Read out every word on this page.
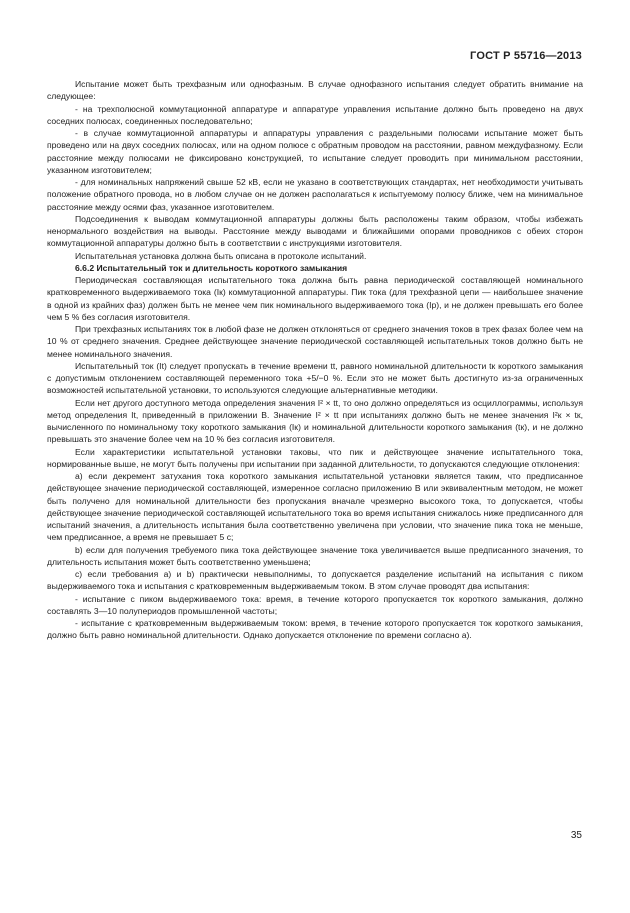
ГОСТ Р 55716—2013

Испытание может быть трехфазным или однофазным. В случае однофазного испытания следует обратить внимание на следующее:

- на трехполюсной коммутационной аппаратуре и аппаратуре управления испытание должно быть проведено на двух соседних полюсах, соединенных последовательно;

- в случае коммутационной аппаратуры и аппаратуры управления с раздельными полюсами испытание может быть проведено или на двух соседних полюсах, или на одном полюсе с обратным проводом на расстоянии, равном междуфазному. Если расстояние между полюсами не фиксировано конструкцией, то испытание следует проводить при минимальном расстоянии, указанном изготовителем;

- для номинальных напряжений свыше 52 кВ, если не указано в соответствующих стандартах, нет необходимости учитывать положение обратного провода, но в любом случае он не должен располагаться к испытуемому полюсу ближе, чем на минимальное расстояние между осями фаз, указанное изготовителем.

Подсоединения к выводам коммутационной аппаратуры должны быть расположены таким образом, чтобы избежать ненормального воздействия на выводы. Расстояние между выводами и ближайшими опорами проводников с обеих сторон коммутационной аппаратуры должно быть в соответствии с инструкциями изготовителя.

Испытательная установка должна быть описана в протоколе испытаний.

6.6.2 Испытательный ток и длительность короткого замыкания

Периодическая составляющая испытательного тока должна быть равна периодической составляющей номинального кратковременного выдерживаемого тока (Iк) коммутационной аппаратуры. Пик тока (для трехфазной цепи — наибольшее значение в одной из крайних фаз) должен быть не менее чем пик номинального выдерживаемого тока (Iр), и не должен превышать его более чем 5 % без согласия изготовителя.

При трехфазных испытаниях ток в любой фазе не должен отклоняться от среднего значения токов в трех фазах более чем на 10 % от среднего значения. Среднее действующее значение периодической составляющей испытательных токов должно быть не менее номинального значения.

Испытательный ток (It) следует пропускать в течение времени tt, равного номинальной длительности tк короткого замыкания с допустимым отклонением составляющей переменного тока +5/−0 %. Если это не может быть достигнуто из-за ограниченных возможностей испытательной установки, то используются следующие альтернативные методики.

Если нет другого доступного метода определения значения I² × tt, то оно должно определяться из осциллограммы, используя метод определения It, приведенный в приложении В. Значение I² × tt при испытаниях должно быть не менее значения I²к × tк, вычисленного по номинальному току короткого замыкания (Iк) и номинальной длительности короткого замыкания (tк), и не должно превышать это значение более чем на 10 % без согласия изготовителя.

Если характеристики испытательной установки таковы, что пик и действующее значение испытательного тока, нормированные выше, не могут быть получены при испытании при заданной длительности, то допускаются следующие отклонения:

а) если декремент затухания тока короткого замыкания испытательной установки является таким, что предписанное действующее значение периодической составляющей, измеренное согласно приложению В или эквивалентным методом, не может быть получено для номинальной длительности без пропускания вначале чрезмерно высокого тока, то допускается, чтобы действующее значение периодической составляющей испытательного тока во время испытания снижалось ниже предписанного для испытаний значения, а длительность испытания была соответственно увеличена при условии, что значение пика тока не меньше, чем предписанное, а время не превышает 5 с;

b) если для получения требуемого пика тока действующее значение тока увеличивается выше предписанного значения, то длительность испытания может быть соответственно уменьшена;

c) если требования а) и b) практически невыполнимы, то допускается разделение испытаний на испытания с пиком выдерживаемого тока и испытания с кратковременным выдерживаемым током. В этом случае проводят два испытания:

- испытание с пиком выдерживаемого тока: время, в течение которого пропускается ток короткого замыкания, должно составлять 3—10 полупериодов промышленной частоты;

- испытание с кратковременным выдерживаемым током: время, в течение которого пропускается ток короткого замыкания, должно быть равно номинальной длительности. Однако допускается отклонение по времени согласно а).

35
